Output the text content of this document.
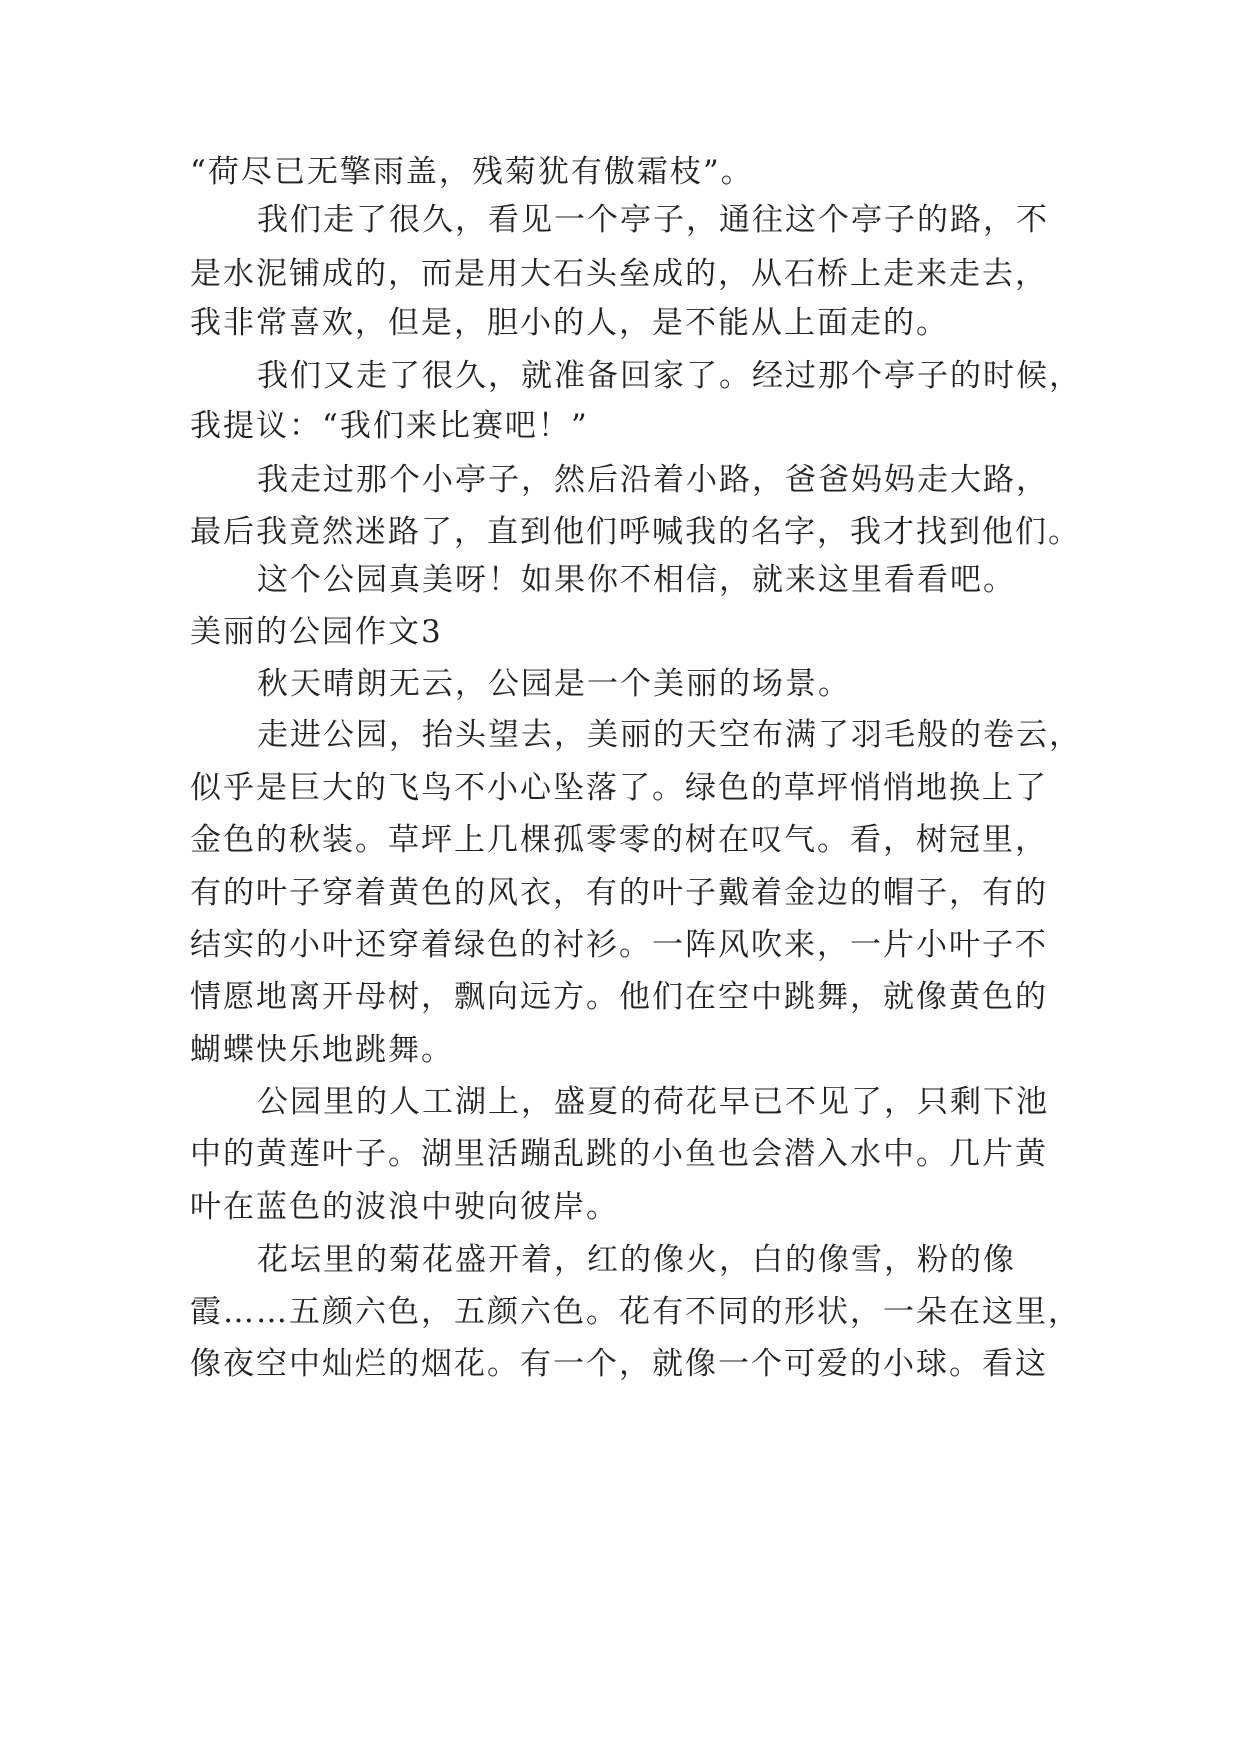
“荷尽已无擎雨盖，残菊犹有傲霜枝”。
我们走了很久，看见一个亭子，通往这个亭子的路，不
是水泥铺成的，而是用大石头垒成的，从石桥上走来走去，
我非常喜欢，但是，胆小的人，是不能从上面走的。
我们又走了很久，就准备回家了。经过那个亭子的时候，
我提议：“我们来比赛吧！”
我走过那个小亭子，然后沿着小路，爸爸妈妈走大路，
最后我竟然迷路了，直到他们呼喊我的名字，我才找到他们。
这个公园真美呀！如果你不相信，就来这里看看吧。
美丽的公园作文3
秋天晴朗无云，公园是一个美丽的场景。
走进公园，抬头望去，美丽的天空布满了羽毛般的卷云，
似乎是巨大的飞鸟不小心坠落了。绿色的草坪悄悄地换上了
金色的秋装。草坪上几棵孤零零的树在叹气。看，树冠里，
有的叶子穿着黄色的风衣，有的叶子戴着金边的帽子，有的
结实的小叶还穿着绿色的衬衫。一阵风吹来，一片小叶子不
情愿地离开母树，飘向远方。他们在空中跳舞，就像黄色的
蝴蝶快乐地跳舞。
公园里的人工湖上，盛夏的荷花早已不见了，只剩下池
中的黄莲叶子。湖里活蹦乱跳的小鱼也会潜入水中。几片黄
叶在蓝色的波浪中驶向彼岸。
花坛里的菊花盛开着，红的像火，白的像雪，粉的像
霞……五颜六色，五颜六色。花有不同的形状，一朵在这里，
像夜空中灿烂的烟花。有一个，就像一个可爱的小球。看这
